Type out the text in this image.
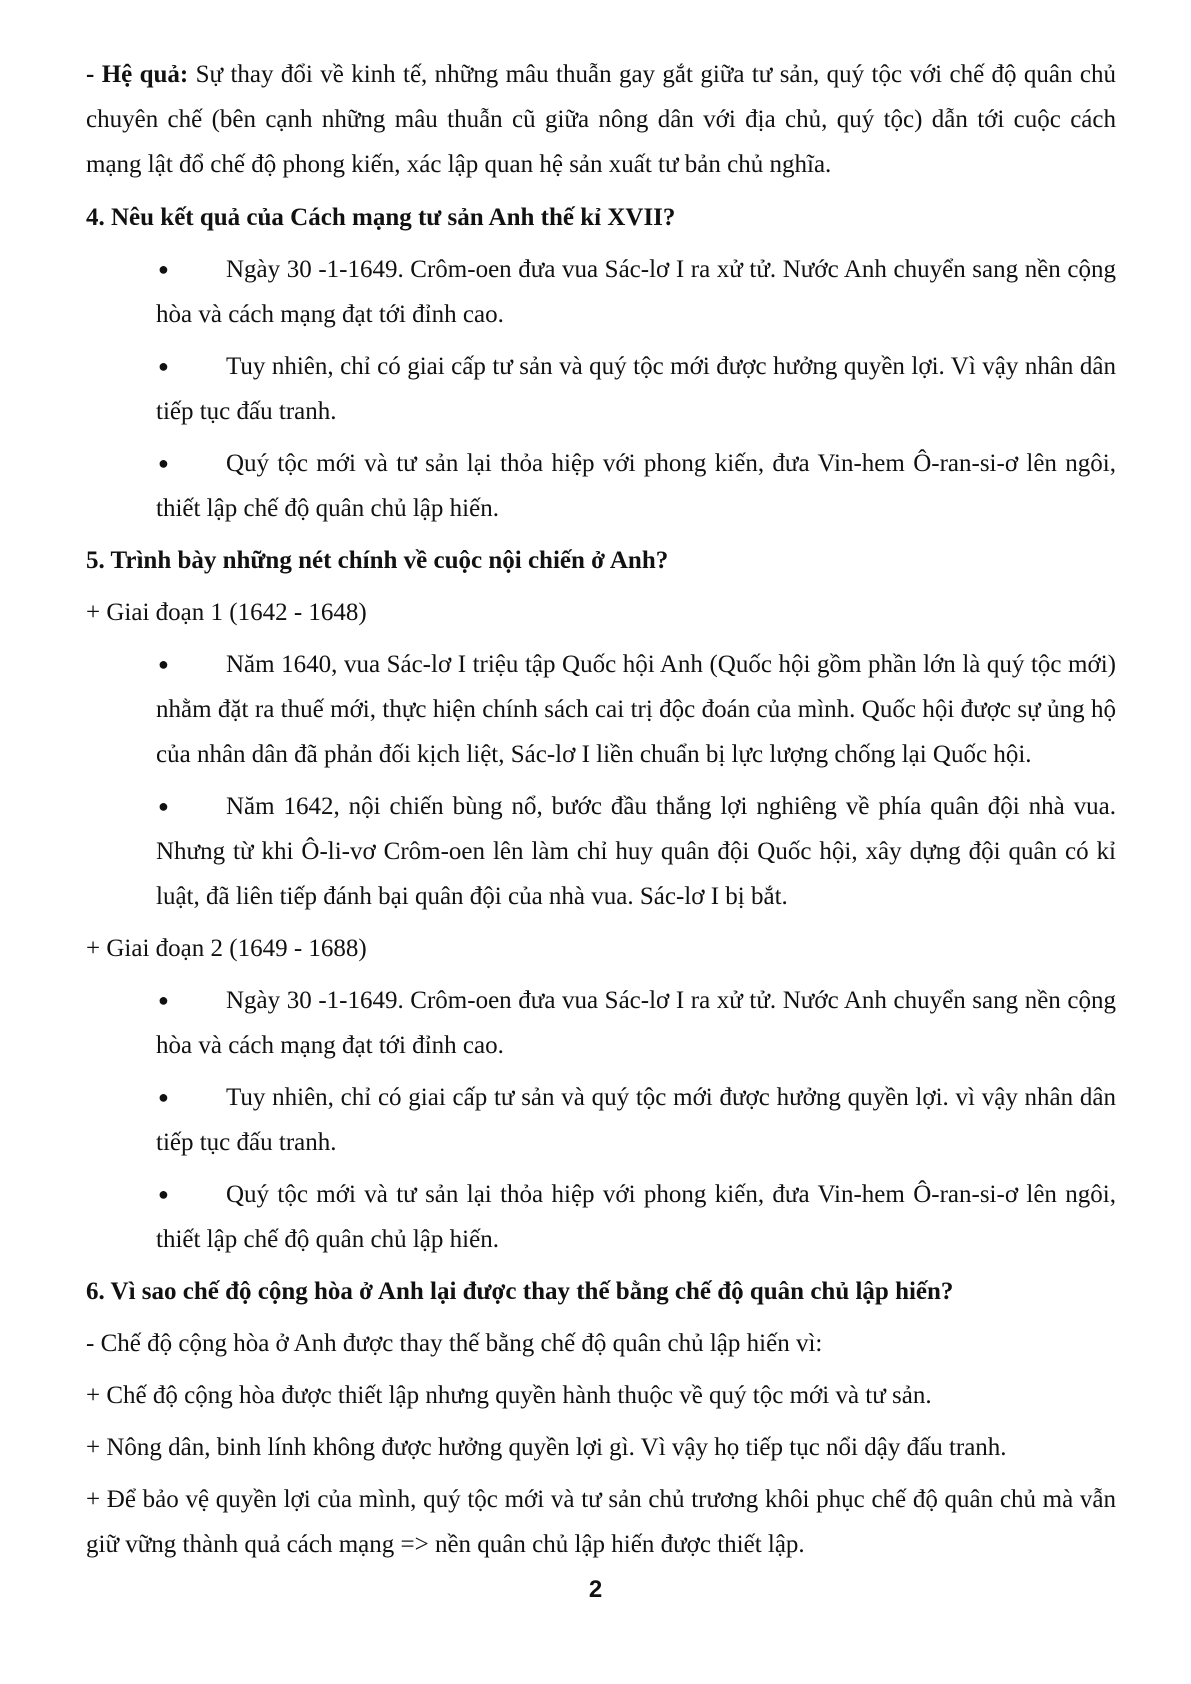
- Hệ quả: Sự thay đổi về kinh tế, những mâu thuẫn gay gắt giữa tư sản, quý tộc với chế độ quân chủ chuyên chế (bên cạnh những mâu thuẫn cũ giữa nông dân với địa chủ, quý tộc) dẫn tới cuộc cách mạng lật đổ chế độ phong kiến, xác lập quan hệ sản xuất tư bản chủ nghĩa.

4. Nêu kết quả của Cách mạng tư sản Anh thế kỉ XVII?

●	Ngày 30 -1-1649. Crôm-oen đưa vua Sác-lơ I ra xử tử. Nước Anh chuyển sang nền cộng hòa và cách mạng đạt tới đỉnh cao.
●	Tuy nhiên, chỉ có giai cấp tư sản và quý tộc mới được hưởng quyền lợi. Vì vậy nhân dân tiếp tục đấu tranh.
●	Quý tộc mới và tư sản lại thỏa hiệp với phong kiến, đưa Vin-hem Ô-ran-si-ơ lên ngôi, thiết lập chế độ quân chủ lập hiến.

5. Trình bày những nét chính về cuộc nội chiến ở Anh?

+ Giai đoạn 1 (1642 - 1648)

●	Năm 1640, vua Sác-lơ I triệu tập Quốc hội Anh (Quốc hội gồm phần lớn là quý tộc mới) nhằm đặt ra thuế mới, thực hiện chính sách cai trị độc đoán của mình. Quốc hội được sự ủng hộ của nhân dân đã phản đối kịch liệt, Sác-lơ I liền chuẩn bị lực lượng chống lại Quốc hội.
●	Năm 1642, nội chiến bùng nổ, bước đầu thắng lợi nghiêng về phía quân đội nhà vua. Nhưng từ khi Ô-li-vơ Crôm-oen lên làm chỉ huy quân đội Quốc hội, xây dựng đội quân có kỉ luật, đã liên tiếp đánh bại quân đội của nhà vua. Sác-lơ I bị bắt.

+ Giai đoạn 2 (1649 - 1688)

●	Ngày 30 -1-1649. Crôm-oen đưa vua Sác-lơ I ra xử tử. Nước Anh chuyển sang nền cộng hòa và cách mạng đạt tới đỉnh cao.
●	Tuy nhiên, chỉ có giai cấp tư sản và quý tộc mới được hưởng quyền lợi. vì vậy nhân dân tiếp tục đấu tranh.
●	Quý tộc mới và tư sản lại thỏa hiệp với phong kiến, đưa Vin-hem Ô-ran-si-ơ lên ngôi, thiết lập chế độ quân chủ lập hiến.

6. Vì sao chế độ cộng hòa ở Anh lại được thay thế bằng chế độ quân chủ lập hiến?

- Chế độ cộng hòa ở Anh được thay thế bằng chế độ quân chủ lập hiến vì:

+ Chế độ cộng hòa được thiết lập nhưng quyền hành thuộc về quý tộc mới và tư sản.

+ Nông dân, binh lính không được hưởng quyền lợi gì. Vì vậy họ tiếp tục nổi dậy đấu tranh.

+ Để bảo vệ quyền lợi của mình, quý tộc mới và tư sản chủ trương khôi phục chế độ quân chủ mà vẫn giữ vững thành quả cách mạng => nền quân chủ lập hiến được thiết lập.

2
